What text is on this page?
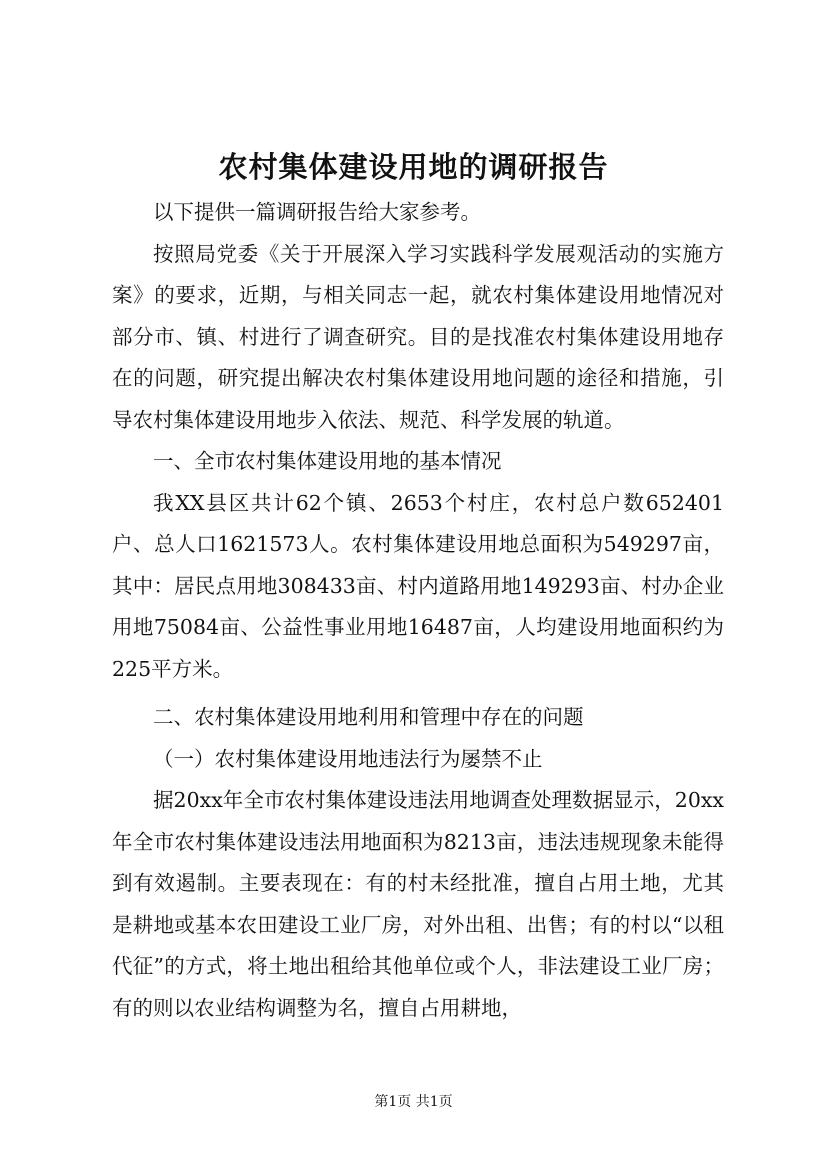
农村集体建设用地的调研报告

以下提供一篇调研报告给大家参考。

按照局党委《关于开展深入学习实践科学发展观活动的实施方案》的要求，近期，与相关同志一起，就农村集体建设用地情况对部分市、镇、村进行了调查研究。目的是找准农村集体建设用地存在的问题，研究提出解决农村集体建设用地问题的途径和措施，引导农村集体建设用地步入依法、规范、科学发展的轨道。

一、全市农村集体建设用地的基本情况

我XX县区共计62个镇、2653个村庄，农村总户数652401户、总人口1621573人。农村集体建设用地总面积为549297亩，其中：居民点用地308433亩、村内道路用地149293亩、村办企业用地75084亩、公益性事业用地16487亩，人均建设用地面积约为225平方米。

二、农村集体建设用地利用和管理中存在的问题

（一）农村集体建设用地违法行为屡禁不止

据20xx年全市农村集体建设违法用地调查处理数据显示，20xx年全市农村集体建设违法用地面积为8213亩，违法违规现象未能得到有效遏制。主要表现在：有的村未经批准，擅自占用土地，尤其是耕地或基本农田建设工业厂房，对外出租、出售；有的村以“以租代征”的方式，将土地出租给其他单位或个人，非法建设工业厂房；有的则以农业结构调整为名，擅自占用耕地，

第1页 共1页
